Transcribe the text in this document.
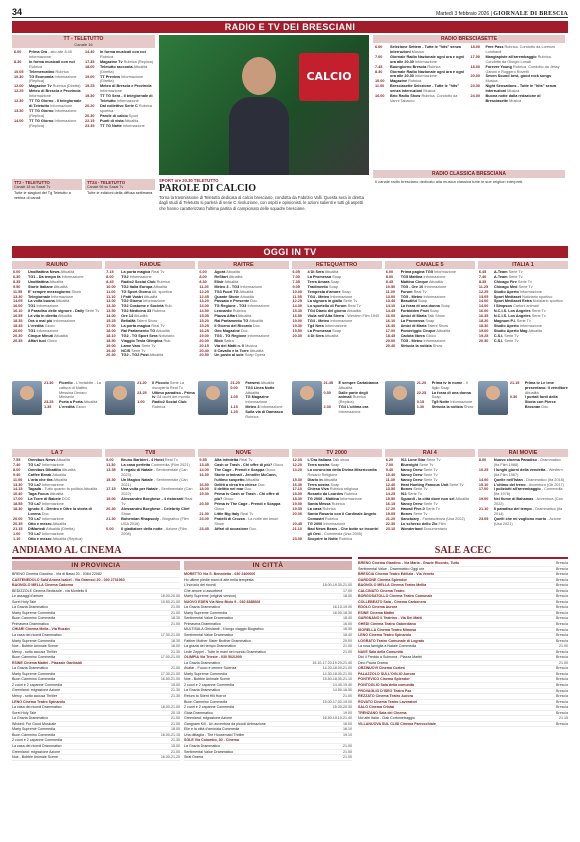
34	Martedì 3 febbraio 2026 | GIORNALE DI BRESCIA
RADIO E TV DEI BRESCIANI
TT - TELETUTTO
Canale 16
6.00	Prima Ora - sito alle 8.45 Informazione
8.30	In forma musicali con noi Rubrica
10.05	Telemercatino Rubrica
10.30	TG Economia Informazione (Replica)
12.00	Magazine Tv Rubrica (Diretta)
12.25	Meteo di Brescia e Provincia Informazione
12.30	TT TG Giorno - Il telegiornale di Teletutto Informazione
13.30	TT TG Giorno Informazione (Replica)
14.00	TT TG Giorno Informazione (Replica)
14.40	In forma musicali con noi Rubrica
17.35	Magazine Tv Rubrica (Replica)
18.00	Teletutto racconta Attualità (Diretta)
19.00	TT Preview Informazione (Diretta)
19.25	Meteo di Brescia e Provincia Informazione
19.30	TT TG Sera - Il telegiornale di Teletutto Informazione
20.20	Dal collettivo Serie C Rubrica sportiva
20.30	Parole di calcio Sport
22.15	Punti di vista Attualità
23.35	TT TG Notte Informazione
TT2 - TELETUTTO
Canale 18 su Sasat Tv
Tutte le stagioni del Tg Teletutto a vetrina di canali
TT24 - TELETUTTO
Canale 96 su Sasat Tv
Tutte le edizioni della diffusa settimana
CALCIO
SPORT ore 20.30 TELETUTTO
PAROLE DI CALCIO
Torna la trasmissione di Teletutto dedicata al calcio bresciano, condotta da Fabrizio Valli. Questa sera in diretta dagli studi di Teletutto si parlerà di serie C rivoluzione, con ospiti e opinionisti, le azioni salienti e tutti gli aspetti che hanno caratterizzato l'ultima partita di campionato delle squadre bresciane.
RADIO BRESCIASETTE
6.00	Selezione Settem - Tutte le "hits" senza interruzioni Musica
7.00	Giornale Radio Nazionale ogni ora e ogni ora alle 20.30 Informazione
7.45	Buongiorno Brescia Rubrica
8.30	Giornale Radio Nazionale ogni ora e ogni ora alle 20.30 Informazione
10.00	Magazine Rubrica
11.00	Bresciasette Selezione - Tutte le "hits" senza interruzioni Musica
16.00	Brio Radio Show Rubrica. Condotto da Vanni Tabacco
18.00	Free Pass Rubrica. Condotto da Lorenzo Lombardi
17.00	Mangiapiste all'arrembaggio Rubrica. Condotto da Giorgio Lonati
18.00	Forever Young Rubrica. Condotto da Jessy Garoni e Ruggero Rovetti
20.00	Seven Sound best, good rock songs Musica
23.00	Night Sensations - Tutte le "hits" senza interruzioni Musica
24.00	Buona notte dalla redazione di Bresciasette Musica
RADIO CLASSICA BRESCIANA
Il canale radio bresciano dedicato alla musica classica tutte le sue migliori interpreti.
OGGI IN TV
RAIUNO
6.00	UnoMattina News Attualità
6.30	TG1 - Da tempo fa Informazione
8.35	UnoMattina Attualità
9.50	Storie Italiane Attualità
11.55	E' sempre mezzogiorno Show
13.30	Telegiornale Informazione
14.05	La volta buona Attualità
16.00	TG1 Informazione
16.10	Il Paradiso delle signore - Daily Serie Tv
16.55	La vita in diretta Attualità
18.35	Ora o mai più Informazione
18.45	L'eredità Gioco
20.00	TG1 Informazione
20.30	Cinque Minuti Attualità
20.35	Affari tuoi Gioco
21.30	Fiorello - L'invisibile - La cattura di Matteo Messina Denaro Miniserie
23.25	Porta a Porta Attualità
1.35	L'eredità Gioco
RAIDUE
7.15	La porta magica Real Tv
8.00	TG2 Informazione
8.45	Radio2 Social Club Rubrica
10.00	TG2 Italia Europa Attualità
11.00	TG Sport Giorno Att. sportiva
11.10	I Fatti Vostri Attualità
13.00	TG2 Giorno Informazione
13.30	TG2 Costume e Società Rub.
13.50	TG2 Medicina 33 Rubrica
14.00	Ore 14 Attualità
15.25	BellaMà Talent Show
17.00	La porta magica Real Tv
18.00	Rai Parlamento TG Attualità
18.10	TG2 - TG Sport Sera Notiziario
18.50	Viaggio Tesla Olimpica Rub.
19.00	Lame Varo Serie Tv
19.40	NCIS Serie Tv
20.30	TG2 - TG2 Post Attualità
21.20	Il Piccolo Serie La riscoperta Real Tv
23.25	Ultimo paradiso - Prima tv Gli occhi del mondo
1.00	Radio2 Social Club Rubrica
RAITRE
6.00	Agorà Attualità
8.00	ReStart Attualità
8.30	Elisir Attualità
11.25	Meteo 3 - TG3 Informazione
12.25	TG3 Fuori TG Attualità
12.45	Quante Storie Attualità
13.20	Passato e Presente Doc.
14.00	TG Regione - TG3 Informazione
14.50	Leonardo Rubrica
15.05	Piazza Affari Attualità
15.20	Rai Parlamento TG Attualità
15.25	Il Giorno del Ricordo Doc.
16.25	Geo Magazine Doc.
19.00	TG3 - TG Regione Informazione
20.00	Blob Satira
20.15	Via dei Matti n. 0 Musica
20.40	Il Cavallo e la Torre Attualità
20.50	Un posto al sole Soap Opera
21.20	Farwest Attualità
0.00	TG3 Linea Notte Attualità
1.05	TG Magazine Informazione
1.15	Meteo 3 Informazione
1.25	Sulla via di Damasco Rubrica
RETEQUATTRO
6.05	4 Di Sera Attualità
7.00	La Promessa Soap
7.35	Terra Amara Soap
9.05	Tradimento Soap
10.00	Tempesta d'amore Soap
11.55	TG4 - Meteo Informazione
12.25	La signora in giallo Serie Tv
14.00	Lo sportello di Forum Real Tv
15.30	TG4 Diario del giorno Attualità
16.50	Viola nell'Alta Sierra - Western Film 1949
19.00	TG4 - Meteo Informazione
19.30	Tg4 Nera Informazione
19.50	La Promessa Soap
20.30	4 Di Sera Attualità
21.45	È sempre Cartabianca Attualità
0.50	Dalle parte degli animali Rubrica (Replica)
2.30	TG4 L'ultima ora Informazione
CANALE 5
6.00	Prima pagina TG5 Informazione
8.00	TG5 Mattina Informazione
8.45	Mattino Cinque Attualità
10.50	TG5 - Ore 10 Informazione
11.00	Forum Real Tv
13.00	TG5 - Meteo Informazione
13.40	Beautiful Soap
14.10	La forza di una donna Soap
14.45	Forbidden Fruit Soap
16.00	Amici di Maria Talk Show
16.10	La Promessa Soap
16.40	Amici di Maria Talent Show
17.00	Pomeriggio Cinque Attualità
18.45	Caduta libera Gioco
20.00	TG5 - Meteo Informazione
20.40	Striscia la notizia Show
21.20	Prima tv In nome - Il figlio Soap
22.25	La forza di una donna Soap
0.15	Tg5 Notte Informazione
1.30	Striscia la notizia Show
ITALIA 1
6.45	A-Team Serie Tv
7.40	A-Team Serie Tv
8.35	Chicago Fire Serie Tv
11.25	Chicago Med Serie Tv
12.25	Studio Aperto Informazione
13.05	Sport Mediaset Notiziario sportivo
14.00	Sport Mediaset Extra Notiziario sportivo
14.00	I Simpson Cartoni animati
16.00	N.C.I.S. Los Angeles Serie Tv
16.35	N.C.I.S. Los Angeles Serie Tv
18.20	Magnum P.I. Serie Tv
18.30	Studio Aperto Informazione
19.00	Studio Aperto Mag Attualità
19.25	C.S.I. Serie Tv
20.30	C.S.I. Serie Tv
21.15	Prima tv Le iene presentano: Il venditore Attualità
0.30	I portali fonti della Storia con Pierce Brosnan Doc.
LA 7
7.55	Omnibus News Attualità
7.40	TG La7 Informazione
8.00	Omnibus Dibattito Attualità
9.40	Coffee Break Attualità
11.00	L'aria che tira Attualità
13.30	TG La7 Informazione
14.15	Tagadà - Tutto quanto fa politica Attualità
16.40	Taga Focus Attualità
17.00	La Torre di Babele DOC
18.55	TG La7 Informazione
18.30	Ignoto X - Dentro e Oltre la storia di Lorena Doc.
20.00	TG La7 Informazione
20.35	Otto e mezzo Attualità
21.15	DiMartedì Attualità (Diretta)
1.00	TG La7 Informazione
1.10	Otto e mezzo Attualità (Replica)
TV8
9.00	Bruno Barbieri - 4 Hotel Real Tv
11.30	La casa perfetta Commedia (Film 2021)
13.35	Il regalo di Natale - Sentimentale (Can 2023)
15.30	Un Magico Natale - Sentimentale (Can 2021)
17.15	Una volta per Natale - Sentimentale (Can 2022)
19.00	Alessandro Borghese - 4 ristoranti Real Tv
20.30	Alessandro Borghese - Celebrity Chef Show
21.30	Bohemian Rhapsody - Biografico (Film USA 2018)
0.00	Il gladiatore della notte - Azione (Film 2008)
NOVE
9.55	Alta infedeltà Real Tv
13.45	Cash or Trash - Chi offre di più? Gioco
14.00	The Cage - Prendi e Scappa Gioco
16.30	Storie criminali - Jennifer McCann, l'ultimo sospetto Attualità
16.50	Delitti a circa fra chiese Doc.
18.00	Il delitto nel mar Doc.
19.30	Prima tv Cash or Trash - Chi offre di più? Gioco
20.30	Prima tv The Cage - Prendi e Scappa Gioco
21.30	Little Big Italy Real Tv
23.00	Fratelli di Crozza - La notte dei tesori Show
23.45	Affari di occasione Doc.
TV 2000
12.00	L'Ora Italiana Talk show
12.20	Terra nostra Soap
14.20	La coroncina della Divina Misericordia Rosario Religione
15.30	Diario in Attualità
16.30	Terra nostra Soap
17.10	Chiesa Viva Rubrica religiosa
18.00	Rosario da Lourdes Rubrica
18.30	TG 2000 - Mattina Informazione
19.00	Santa Messa Rubrica
19.35	La casa Rubrica
20.00	Santo Rosario con il Cardinale Angelo Comastri Rubrica
20.45	TG 2000 Informazione
21.10	Bad News Bears - Che botte se incontri gli Orsi - Commedia (Usa 2005)
23.00	Scoprire la Notte Rubrica
RAI 4
6.20	911 Lone Star Serie Tv
7.00	Bluenight Serie Tv
9.40	Nancy Drew Serie Tv
10.40	Nancy Drew Serie Tv
11.30	Nancy Drew Serie Tv
12.40	Heat Hunting Famous Unit Serie Tv
13.50	Bones Serie Tv
14.25	911 Serie Tv
15.50	Sguardi - la città dove non sei Attualità
16.15	Nancy Drew Serie Tv
17.20	Hawaii Five-0 Serie Tv
19.05	Bones Serie Tv
21.20	Sanctuary - Fantascienza (Usa 2022)
22.30	Lo scherzo dello Zio Film
23.10	Wonderland Documentario
RAI MOVIE
8.00	Nuovo cinema Paradiso - Drammatico (Ita Film 1988)
10.25	I lunghi giorni della vendetta - Western (Ita Film 1967)
14.00	Quelle nell'Istan - Drammatico (Ita 2018)
15.10	L'ultimo del treno - Avventura (Gb 2017)
17.00	I poliziotti all'arrembaggio - Commedia (Ita 1978)
19.00	Nel fiume di Bahamas - Avventura (Can 2022)
21.10	Il paradiso del tempo - Drammatico (Ita 2014)
23.05	Quelli che mi vogliono morto - Azione (Usa 2021)
ANDIAMO AL CINEMA
IN PROVINCIA	IN CITTÀ
BRENO Cinema Giardino - Via di Bassi 20 - 0364 22082
CASTENEDOLO Sald'Aroma Isabel - Via Gramsci 20 - 030 2731960
BAGNOLO MELLA Cinema Cadorna
BEDIZZOLE Cinema Bedizzole - via Montello 6
Le assaggi d'amore	18.00-20.00
Sorel Holy Tale	15.50-21.00
La Grazia Drammatico	21.00
Marty Supreme Commedia	21.00
Buon Cammino Commedia	18.30
Primavera Drammatico	21.00
CHIARI Cinema Mella - Via Ruzzini
La casa dei ricordi Drammatico	17.30-21.00
Marty Supreme Commedia	18.30
Noe - Bubble Animale Scene	16.00
Mercy - sotto accusa Thriller	21.30
Buon Cammino Commedia	17.00-21.00
ESINE Cinema Mattei - Piazzale Garibaldi
La Grazia Drammatico	21.00
Marty Supreme Commedia	17.30-21.00
Buon Cammino Commedia	16.50-21.00
2 cuori e 2 capanne Commedia	15.00
Greenland: migrazione Azione	21.30
Mercy - sotto accusa Thriller	21.30
LENO Cinema Teatro Spinarolo
La casa dei ricordi Drammatico	18.00-21.00
Sorel Holy Tale	20.15
La Grazia Drammatico	21.00
Wicked: For Good Musicale	21.00
Marty Supreme Commedia	18.00
Buon Cammino Commedia	16.00-21.15
2 cuori e 2 capanne Commedia	21.30
La casa dei ricordi Drammatico	15.00
Greenland: migrazione Azione	21.00
Noe - Bubble Animale Scene	16.00-21.20
MORETTO Via S. Benedetto - 030 2400000
Ho ultime piedie mani di alte nella tempesta
L'incrocio dei ricordi	18.00-19.30-21.00
Che amore ci assorberà	17.00
Marty Supreme (original version)	18.00
NUOVO EDEN Via Nino Bixio 9 - 030 8385608
La Grazia Drammatico	16.10-19.00
Marty Supreme Commedia	16.00-18.30
Sentimental Value Drammatico	18.40
Primavera Drammatico	16.00
MULTISALA Ghislandi - Il lungo viaggio Biografico	16.30
Sentimental Value Drammatico	18.40
Fatther Mother Sister Brother Drammatico	20.00
La grazia del tempo Drammatico	21.00
Lede Zeppel - Tutte le mani nel mondo Drammatico	21.00
OLIMPIA Via Trieste - 030 5021000
La Grazia Drammatico	15.10-17.20-19.20-21.40
Avatar - Fuoco e cenere Scienza	14.20-18.00-21.00
Marty Supreme Commedia	14.30-18.00-21.00
Noe - Bubble Animale Scene	15.50-18.30-21.10
2 cuori e 2 capanne Commedia	14.40-19.40
La Grazia Drammatico	14.50-16.50
Return to Silent Hill Horror	21.00
Buon Cammino Commedia	15.00-17.00-19.00
2 cuori e 2 capanne Commedia	15.00-20.30
Gioia Drammatico	19.00
Greenland: migrazione Azione	16.50-19.10-21.40
Gangnam Kill - Un avventura da piccoli Animazione	16.00
Elle e la città d'amicizia Commedia	16.10
Una dittaglia - The Housemaid Thriller	19.10
SOLE Via Colombo, 30 - Cinema
La Grazia Drammatico	21.00
Sentimental Value Drammatico	21.00
Sirat Drama	21.00
SALE ACEC
BRENO Cinema Giardino - Via Maria - Grazie Ricordo, Tutto	Brescia
Sentimental Value - Drammatico Oggi ore	Brescia
BRESCIA Cinema Teatro Edilizia - Via Veneto	Brescia
GARDONE Cinema Splendor	Brescia
BAGNOLO MELLA Cinema Teatro Mellia	Brescia
CALCINATO Cinema Teatro	Brescia
BORGOSATOLLO Cinema Teatro Comunale	Brescia
COLLEBEATO Sala - Cinema Carbonera	Brescia
EDOLO Cinema Aurora	Brescia
ESINE Cinema Mattei	Brescia
GARGNANO Il Teatrino - Via Dei Matti	Brescia
GHEDI Cinema Teatro Gaberdiano	Brescia
ISORELLA Cinema Teatro Mimosa	Brescia
LENO Cinema Teatro Spinarolo	Brescia
LOGRATO Teatro Comunale di Lograto	Brescia
La rosa famiglia a Natale Commedia	21.00
NAVE Sala della Comunità	Brescia
Dici il Freddo a Sulmona - Piazza Martiri	Brescia
Dino Paura Drama	21.00
ORZINUOVI Cinema Cortesi	Brescia
PALAZZOLO SULL'OGLIO Aurora	Brescia
PONTEVICO Cinema Splendor	Brescia
PONTOGLIO Sala della comunità	Brescia
PROVAGLIO D'ISEO Teatro Pax	Brescia
REZZATO Cinema Teatro Aurora	Brescia
ROVATO Cinema Teatro Lavoratori	Brescia
SALÒ Cinema Cristal	Brescia
TRENZANO Sala del Cinema	Brescia
Noi altri Italia - Ciak Cortometraggio	21.15
VILLANUOVA SUL CLISI Cinema Parrocchiale	Brescia
